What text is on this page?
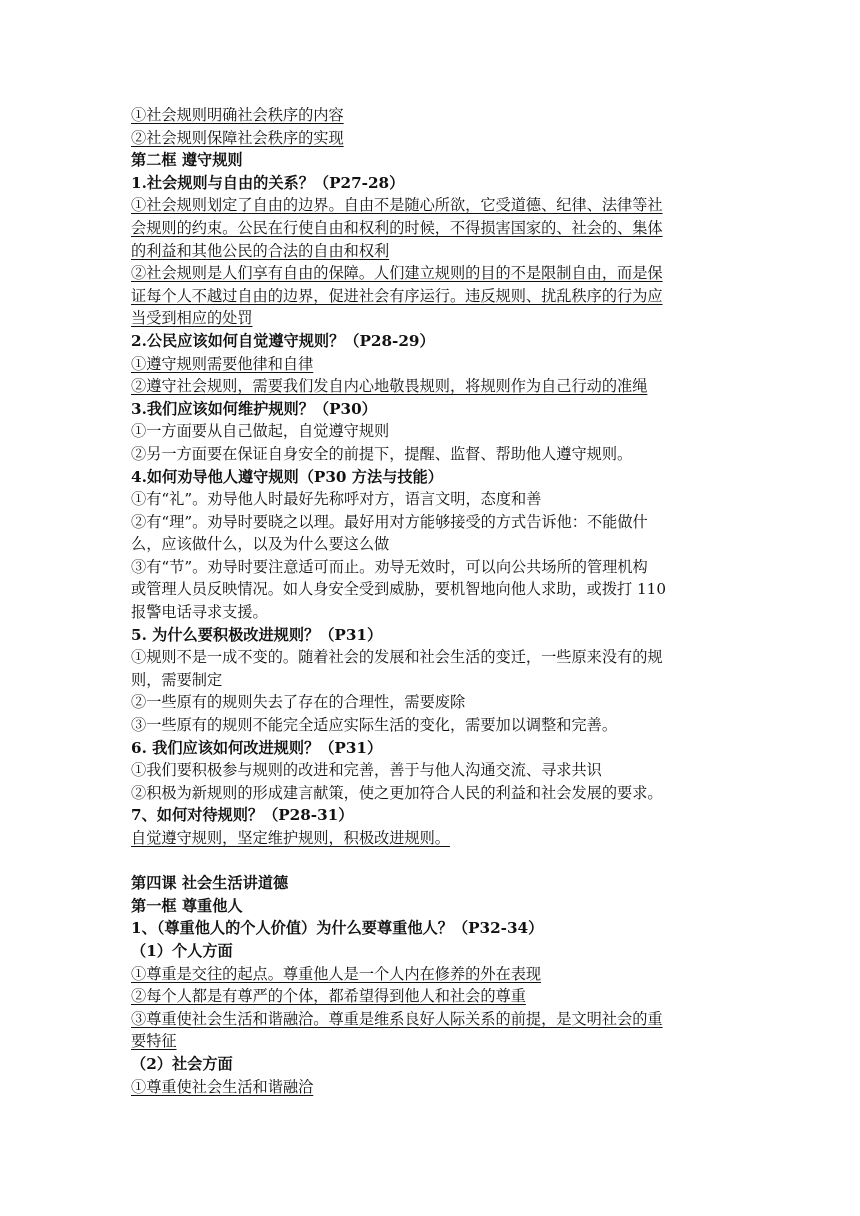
①社会规则明确社会秩序的内容
②社会规则保障社会秩序的实现
第二框 遵守规则
1.社会规则与自由的关系？（P27-28）
①社会规则划定了自由的边界。自由不是随心所欲，它受道德、纪律、法律等社
会规则的约束。公民在行使自由和权利的时候，不得损害国家的、社会的、集体
的利益和其他公民的合法的自由和权利
②社会规则是人们享有自由的保障。人们建立规则的目的不是限制自由，而是保
证每个人不越过自由的边界，促进社会有序运行。违反规则、扰乱秩序的行为应
当受到相应的处罚
2.公民应该如何自觉遵守规则？（P28-29）
①遵守规则需要他律和自律
②遵守社会规则，需要我们发自内心地敬畏规则，将规则作为自己行动的准绳
3.我们应该如何维护规则？（P30）
①一方面要从自己做起，自觉遵守规则
②另一方面要在保证自身安全的前提下，提醒、监督、帮助他人遵守规则。
4.如何劝导他人遵守规则（P30 方法与技能）
①有“礼”。劝导他人时最好先称呼对方，语言文明，态度和善
②有“理”。劝导时要晓之以理。最好用对方能够接受的方式告诉他：不能做什
么，应该做什么，以及为什么要这么做
③有“节”。劝导时要注意适可而止。劝导无效时，可以向公共场所的管理机构
或管理人员反映情况。如人身安全受到威胁，要机智地向他人求助，或拨打 110
报警电话寻求支援。
5. 为什么要积极改进规则？（P31）
①规则不是一成不变的。随着社会的发展和社会生活的变迁，一些原来没有的规
则，需要制定
②一些原有的规则失去了存在的合理性，需要废除
③一些原有的规则不能完全适应实际生活的变化，需要加以调整和完善。
6. 我们应该如何改进规则？（P31）
①我们要积极参与规则的改进和完善，善于与他人沟通交流、寻求共识
②积极为新规则的形成建言献策，使之更加符合人民的利益和社会发展的要求。
7、如何对待规则？（P28-31）
自觉遵守规则，坚定维护规则，积极改进规则。
第四课 社会生活讲道德
第一框 尊重他人
1、（尊重他人的个人价值）为什么要尊重他人？（P32-34）
（1）个人方面
①尊重是交往的起点。尊重他人是一个人内在修养的外在表现
②每个人都是有尊严的个体，都希望得到他人和社会的尊重
③尊重使社会生活和谐融洽。尊重是维系良好人际关系的前提，是文明社会的重
要特征
（2）社会方面
①尊重使社会生活和谐融洽
